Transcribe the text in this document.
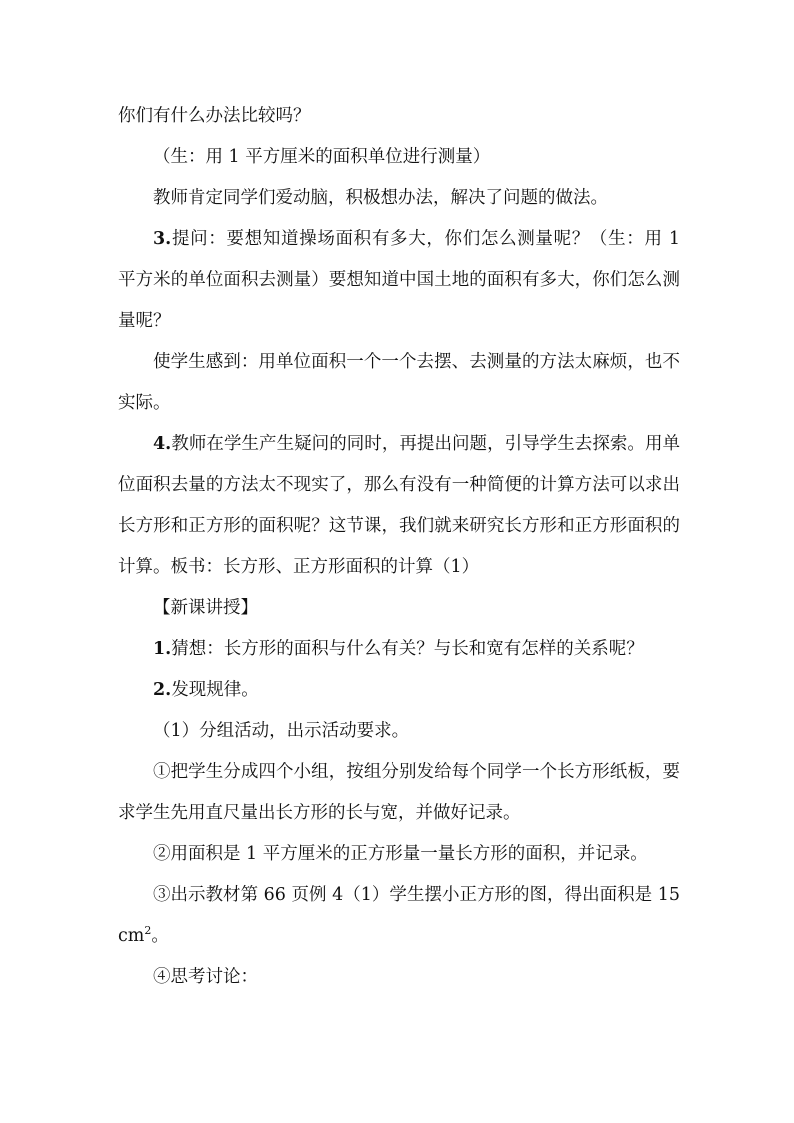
你们有什么办法比较吗？

（生：用 1 平方厘米的面积单位进行测量）

教师肯定同学们爱动脑，积极想办法，解决了问题的做法。

3.提问：要想知道操场面积有多大，你们怎么测量呢？（生：用 1 平方米的单位面积去测量）要想知道中国土地的面积有多大，你们怎么测量呢？

使学生感到：用单位面积一个一个去摆、去测量的方法太麻烦，也不实际。

4.教师在学生产生疑问的同时，再提出问题，引导学生去探索。用单位面积去量的方法太不现实了，那么有没有一种简便的计算方法可以求出长方形和正方形的面积呢？这节课，我们就来研究长方形和正方形面积的计算。板书：长方形、正方形面积的计算（1）

【新课讲授】

1.猜想：长方形的面积与什么有关？与长和宽有怎样的关系呢？

2.发现规律。

（1）分组活动，出示活动要求。

①把学生分成四个小组，按组分别发给每个同学一个长方形纸板，要求学生先用直尺量出长方形的长与宽，并做好记录。

②用面积是 1 平方厘米的正方形量一量长方形的面积，并记录。

③出示教材第 66 页例 4（1）学生摆小正方形的图，得出面积是 $15cm^2$。

④思考讨论：
